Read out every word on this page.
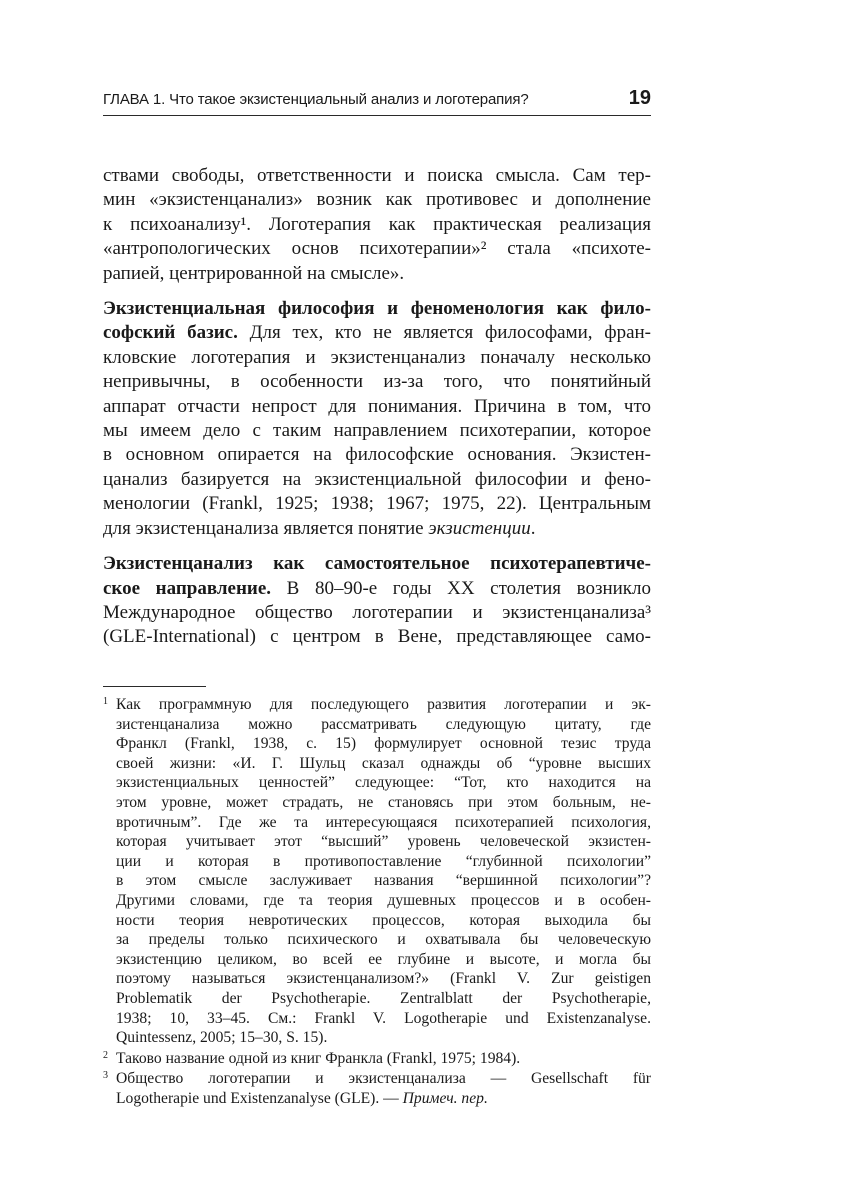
ГЛАВА 1. Что такое экзистенциальный анализ и логотерапия?	19
ствами свободы, ответственности и поиска смысла. Сам тер-
мин «экзистенцанализ» возник как противовес и дополнение
к психоанализу¹. Логотерапия как практическая реализация
«антропологических основ психотерапии»² стала «психоте-
рапией, центрированной на смысле».
Экзистенциальная философия и феноменология как фило-
софский базис. Для тех, кто не является философами, фран-
кловские логотерапия и экзистенцанализ поначалу несколько
непривычны, в особенности из-за того, что понятийный
аппарат отчасти непрост для понимания. Причина в том, что
мы имеем дело с таким направлением психотерапии, которое
в основном опирается на философские основания. Экзистен-
цанализ базируется на экзистенциальной философии и фено-
менологии (Frankl, 1925; 1938; 1967; 1975, 22). Центральным
для экзистенцанализа является понятие экзистенции.
Экзистенцанализ как самостоятельное психотерапевтиче-
ское направление. В 80–90-е годы XX столетия возникло
Международное общество логотерапии и экзистенцанализа³
(GLE-International) с центром в Вене, представляющее само-
1 Как программную для последующего развития логотерапии и эк-
зистенцанализа можно рассматривать следующую цитату, где
Франкл (Frankl, 1938, с. 15) формулирует основной тезис труда
своей жизни: «И. Г. Шульц сказал однажды об “уровне высших
экзистенциальных ценностей” следующее: “Тот, кто находится на
этом уровне, может страдать, не становясь при этом больным, не-
вротичным”. Где же та интересующаяся психотерапией психология,
которая учитывает этот “высший” уровень человеческой экзистен-
ции и которая в противопоставление “глубинной психологии”
в этом смысле заслуживает названия “вершинной психологии”?
Другими словами, где та теория душевных процессов и в особен-
ности теория невротических процессов, которая выходила бы
за пределы только психического и охватывала бы человеческую
экзистенцию целиком, во всей ее глубине и высоте, и могла бы
поэтому называться экзистенцанализом?» (Frankl V. Zur geistigen
Problematik der Psychotherapie. Zentralblatt der Psychotherapie,
1938; 10, 33–45. См.: Frankl V. Logotherapie und Existenzanalyse.
Quintessenz, 2005; 15–30, S. 15).
2 Таково название одной из книг Франкла (Frankl, 1975; 1984).
3 Общество логотерапии и экзистенцанализа — Gesellschaft für
Logotherapie und Existenzanalyse (GLE). — Примеч. пер.
